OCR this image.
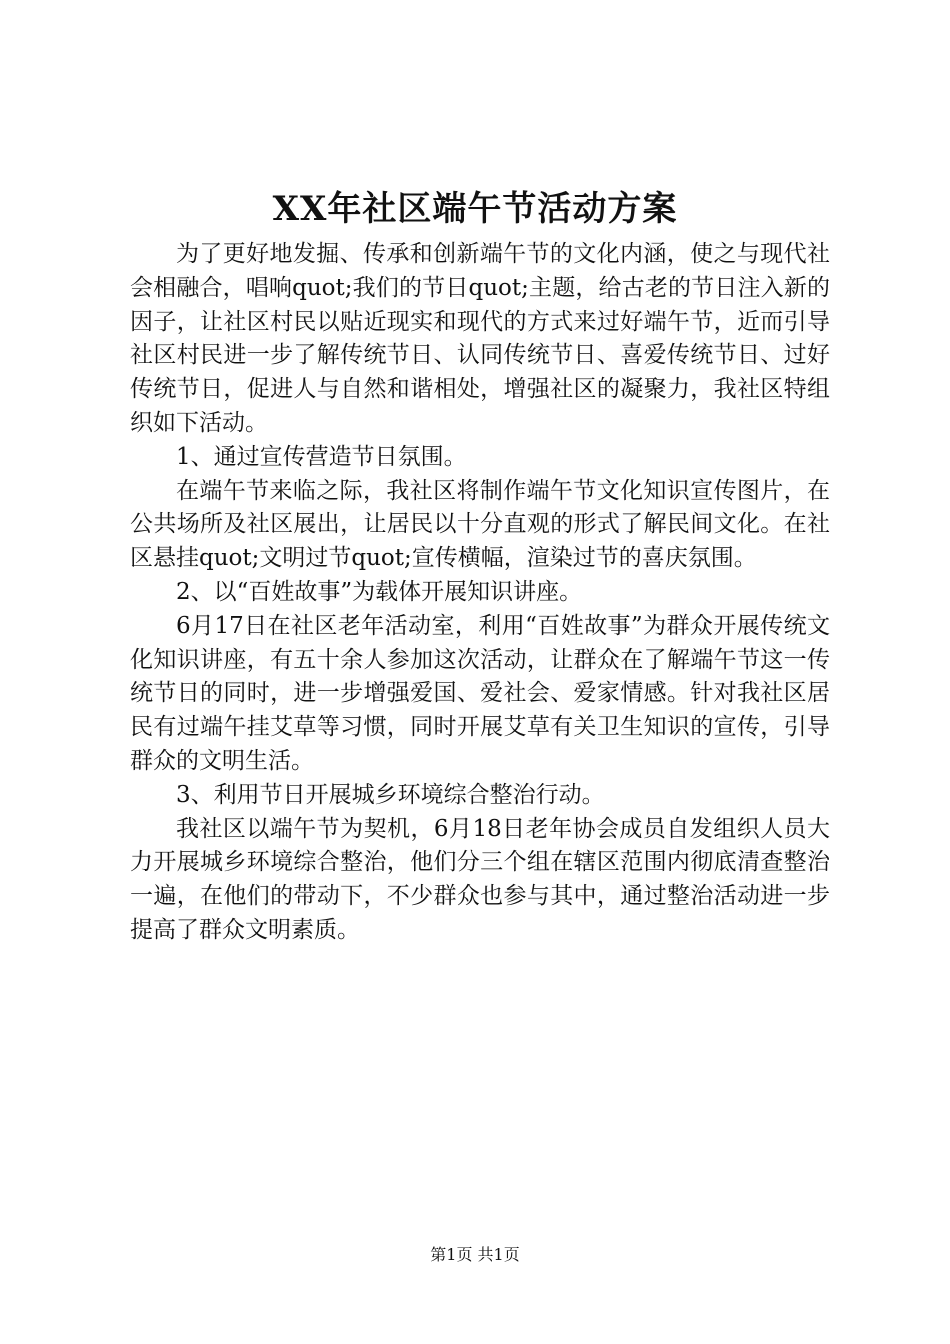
XX年社区端午节活动方案

为了更好地发掘、传承和创新端午节的文化内涵，使之与现代社会相融合，唱响quot;我们的节日quot;主题，给古老的节日注入新的因子，让社区村民以贴近现实和现代的方式来过好端午节，近而引导社区村民进一步了解传统节日、认同传统节日、喜爱传统节日、过好传统节日，促进人与自然和谐相处，增强社区的凝聚力，我社区特组织如下活动。

1、通过宣传营造节日氛围。

在端午节来临之际，我社区将制作端午节文化知识宣传图片，在公共场所及社区展出，让居民以十分直观的形式了解民间文化。在社区悬挂quot;文明过节quot;宣传横幅，渲染过节的喜庆氛围。

2、以“百姓故事”为载体开展知识讲座。

6月17日在社区老年活动室，利用“百姓故事”为群众开展传统文化知识讲座，有五十余人参加这次活动，让群众在了解端午节这一传统节日的同时，进一步增强爱国、爱社会、爱家情感。针对我社区居民有过端午挂艾草等习惯，同时开展艾草有关卫生知识的宣传，引导群众的文明生活。

3、利用节日开展城乡环境综合整治行动。

我社区以端午节为契机，6月18日老年协会成员自发组织人员大力开展城乡环境综合整治，他们分三个组在辖区范围内彻底清查整治一遍，在他们的带动下，不少群众也参与其中，通过整治活动进一步提高了群众文明素质。

第1页 共1页
